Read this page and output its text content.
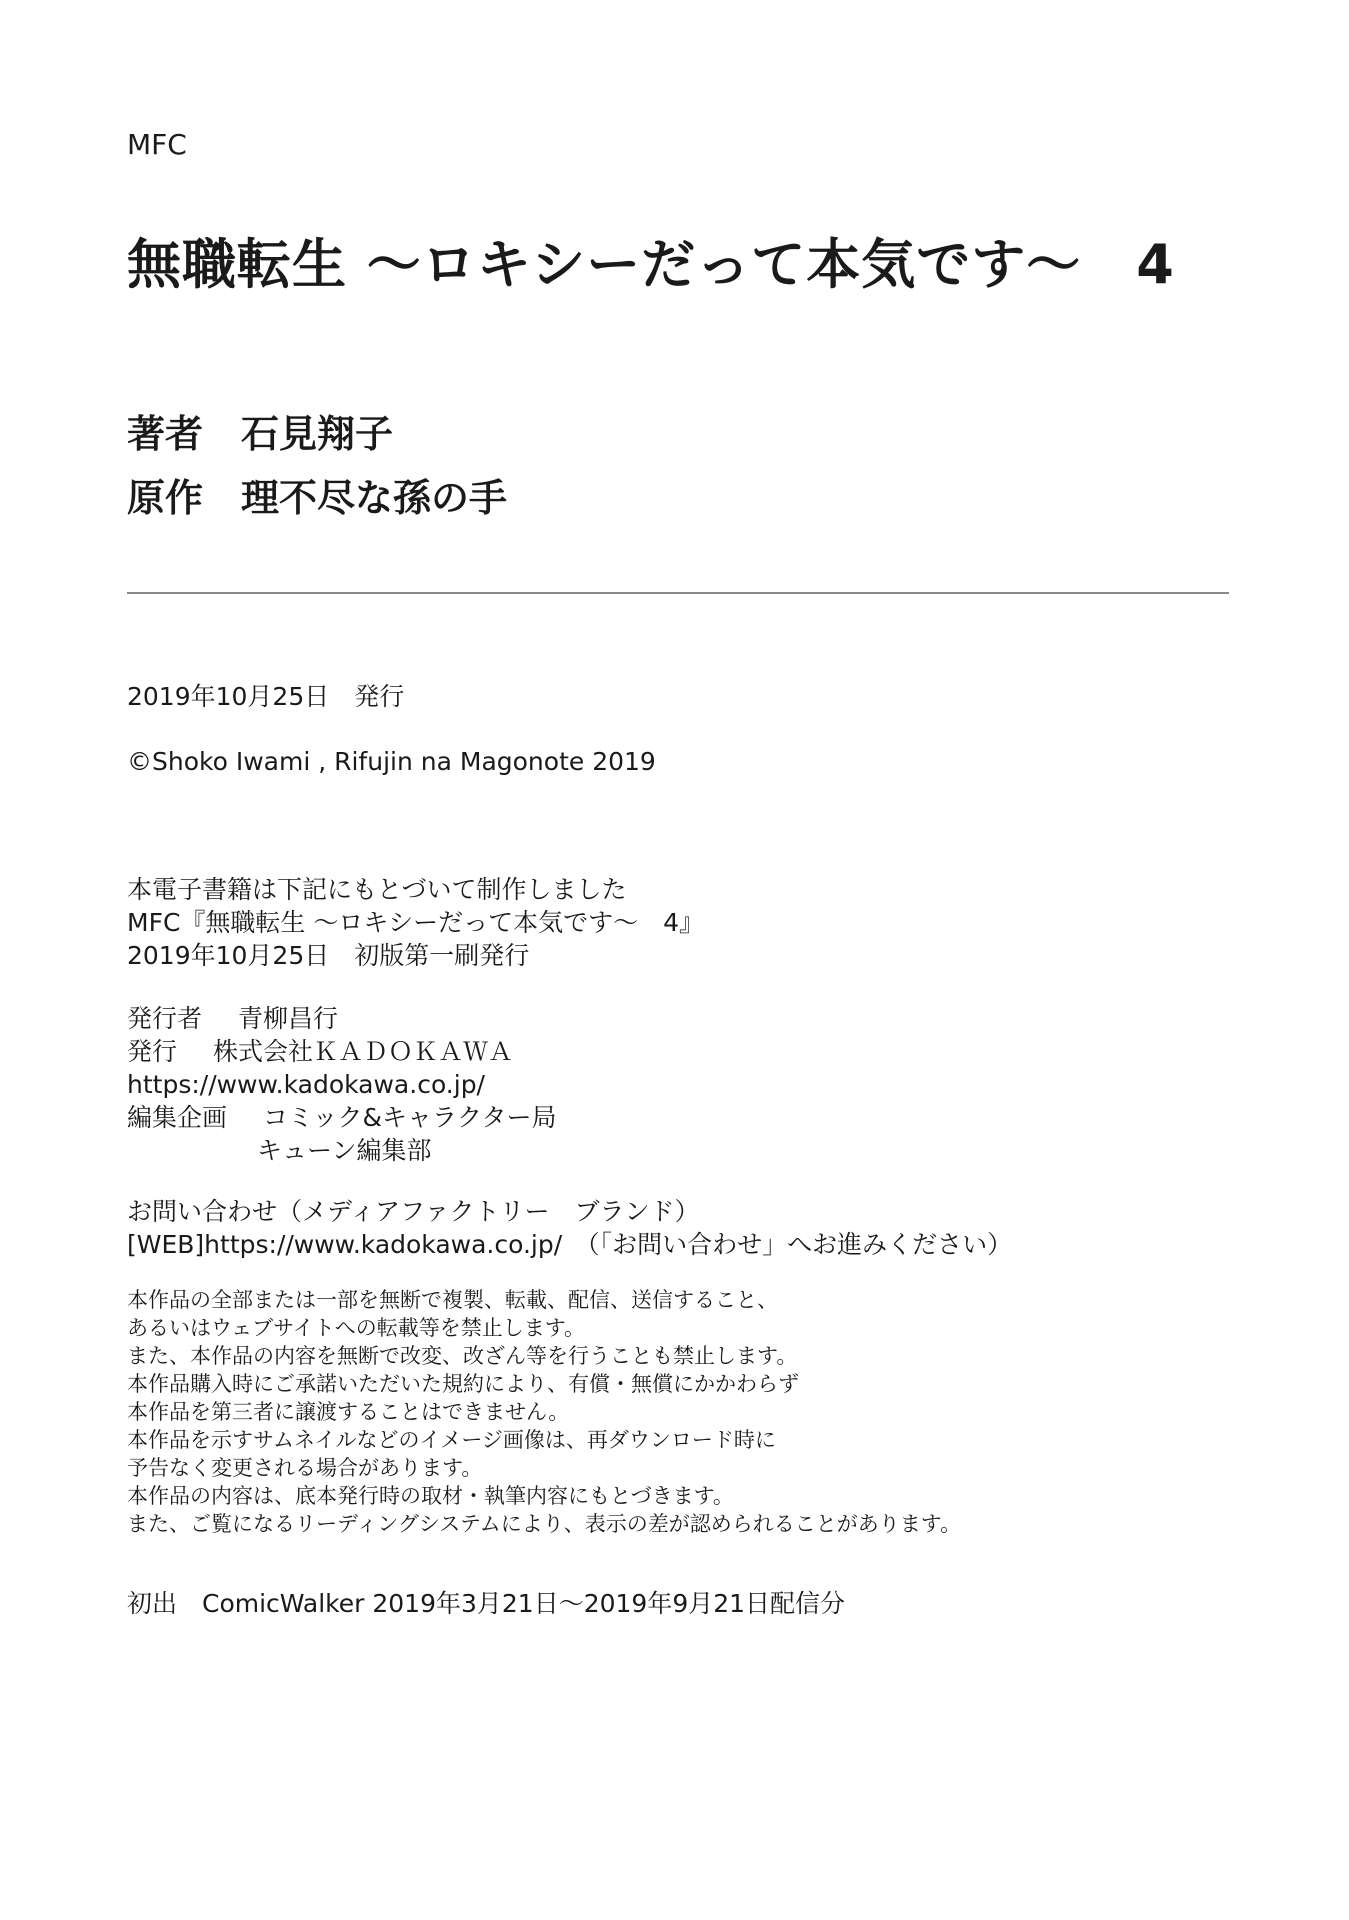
MFC
無職転生 ～ロキシーだって本気です～　4
著者 石見翔子
原作 理不尽な孫の手
2019年10月25日　発行
©Shoko Iwami , Rifujin na Magonote 2019
本電子書籍は下記にもとづいて制作しました
MFC『無職転生 ～ロキシーだって本気です～　4』
2019年10月25日　初版第一刷発行
発行者 青柳昌行
発行 株式会社ＫＡＤＯＫＡＷＡ
https://www.kadokawa.co.jp/
編集企画 コミック&キャラクター局
キューン編集部
お問い合わせ（メディアファクトリー　ブランド）
[WEB]https://www.kadokawa.co.jp/　（「お問い合わせ」へお進みください）
本作品の全部または一部を無断で複製、転載、配信、送信すること、
あるいはウェブサイトへの転載等を禁止します。
また、本作品の内容を無断で改変、改ざん等を行うことも禁止します。
本作品購入時にご承諾いただいた規約により、有償・無償にかかわらず
本作品を第三者に譲渡することはできません。
本作品を示すサムネイルなどのイメージ画像は、再ダウンロード時に
予告なく変更される場合があります。
本作品の内容は、底本発行時の取材・執筆内容にもとづきます。
また、ご覧になるリーディングシステムにより、表示の差が認められることがあります。
初出　ComicWalker 2019年3月21日～2019年9月21日配信分
